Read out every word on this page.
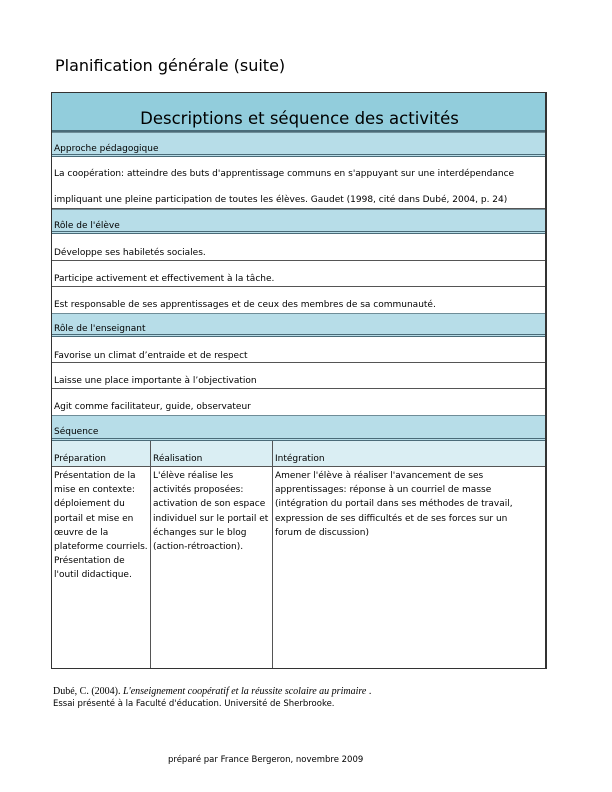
Planification générale (suite)
Descriptions et séquence des activités
Approche pédagogique
La coopération: atteindre des buts d'apprentissage communs en s'appuyant sur une interdépendance
impliquant une pleine participation de toutes les élèves. Gaudet (1998, cité dans Dubé, 2004, p. 24)
Rôle de l'élève
Développe ses habiletés sociales.
Participe activement et effectivement à la tâche.
Est responsable de ses apprentissages et de ceux des membres de sa communauté.
Rôle de l'enseignant
Favorise un climat d’entraide et de respect
Laisse une place importante à l’objectivation
Agit comme facilitateur, guide, observateur
Séquence
Préparation
Présentation de la mise en contexte: déploiement du portail et mise en œuvre de la plateforme courriels. Présentation de l'outil didactique.
Réalisation
L'élève réalise les activités proposées: activation de son espace individuel sur le portail et échanges sur le blog (action-rétroaction).
Intégration
Amener l'élève à réaliser l'avancement de ses apprentissages: réponse à un courriel de masse (intégration du portail dans ses méthodes de travail, expression de ses difficultés et de ses forces sur un forum de discussion)
Dubé, C. (2004). L'enseignement coopératif et la réussite scolaire au primaire .
Essai présenté à la Faculté d'éducation. Université de Sherbrooke.
préparé par France Bergeron, novembre 2009
